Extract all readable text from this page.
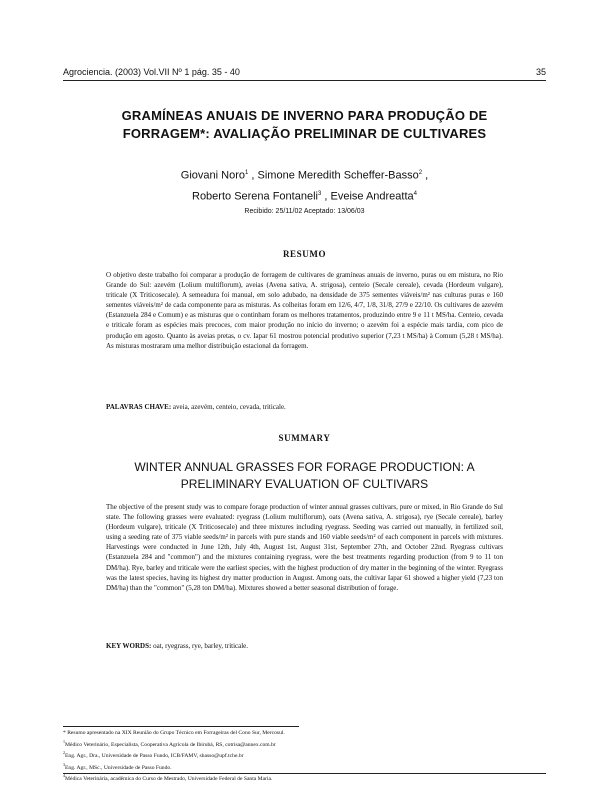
Agrociencia. (2003) Vol.VII Nº 1 pág. 35 - 40	35
GRAMÍNEAS ANUAIS DE INVERNO PARA PRODUÇÃO DE
FORRAGEM*: AVALIAÇÃO PRELIMINAR DE CULTIVARES
Giovani Noro$^1$ , Simone Meredith Scheffer-Basso$^2$ ,
Roberto Serena Fontaneli$^3$ , Eveise Andreatta$^4$
Recibido: 25/11/02 Aceptado: 13/06/03
RESUMO
O objetivo deste trabalho foi comparar a produção de forragem de cultivares de gramíneas anuais de inverno, puras ou em mistura, no Rio Grande do Sul: azevém (Lolium multiflorum), aveias (Avena sativa, A. strigosa), centeio (Secale cereale), cevada (Hordeum vulgare), triticale (X Triticosecale). A semeadura foi manual, em solo adubado, na densidade de 375 sementes viáveis/m² nas culturas puras e 160 sementes viáveis/m² de cada componente para as misturas. As colheitas foram em 12/6, 4/7, 1/8, 31/8, 27/9 e 22/10. Os cultivares de azevém (Estanzuela 284 e Comum) e as misturas que o continham foram os melhores tratamentos, produzindo entre 9 e 11 t MS/ha. Centeio, cevada e triticale foram as espécies mais precoces, com maior produção no início do inverno; o azevém foi a espécie mais tardia, com pico de produção em agosto. Quanto às aveias pretas, o cv. Iapar 61 mostrou potencial produtivo superior (7,23 t MS/ha) à Comum (5,28 t MS/ha). As misturas mostraram uma melhor distribuição estacional da forragem.
PALAVRAS CHAVE: aveia, azevém, centeio, cevada, triticale.
SUMMARY
WINTER ANNUAL GRASSES FOR FORAGE PRODUCTION: A
PRELIMINARY EVALUATION OF CULTIVARS
The objective of the present study was to compare forage production of winter annual grasses cultivars, pure or mixed, in Rio Grande do Sul state. The following grasses were evaluated: ryegrass (Lolium multiflorum), oats (Avena sativa, A. strigosa), rye (Secale cereale), barley (Hordeum vulgare), triticale (X Triticosecale) and three mixtures including ryegrass. Seeding was carried out manually, in fertilized soil, using a seeding rate of 375 viable seeds/m² in parcels with pure stands and 160 viable seeds/m² of each component in parcels with mixtures. Harvestings were conducted in June 12th, July 4th, August 1st, August 31st, September 27th, and October 22nd. Ryegrass cultivars (Estanzuela 284 and "common") and the mixtures containing ryegrass, were the best treatments regarding production (from 9 to 11 ton DM/ha). Rye, barley and triticale were the earliest species, with the highest production of dry matter in the beginning of the winter. Ryegrass was the latest species, having its highest dry matter production in August. Among oats, the cultivar Iapar 61 showed a higher yield (7,23 ton DM/ha) than the "common" (5,28 ton DM/ha). Mixtures showed a better seasonal distribution of forage.
KEY WORDS: oat, ryegrass, rye, barley, triticale.
* Resumo apresentado na XIX Reunião do Grupo Técnico em Forrageiras del Cono Sur, Mercosul.
$^1$Médico Veterinário, Especialista, Cooperativa Agrícola de Ibirubá, RS, cotrisa@annex.com.br
$^2$Eng. Agr., Dra., Universidade de Passo Fundo, ICB/FAMV, sbasso@upf.tche.br
$^3$Eng. Agr., MSc., Universidade de Passo Fundo.
$^4$Médica Veterinária, acadêmica do Curso de Mestrado, Universidade Federal de Santa Maria.
